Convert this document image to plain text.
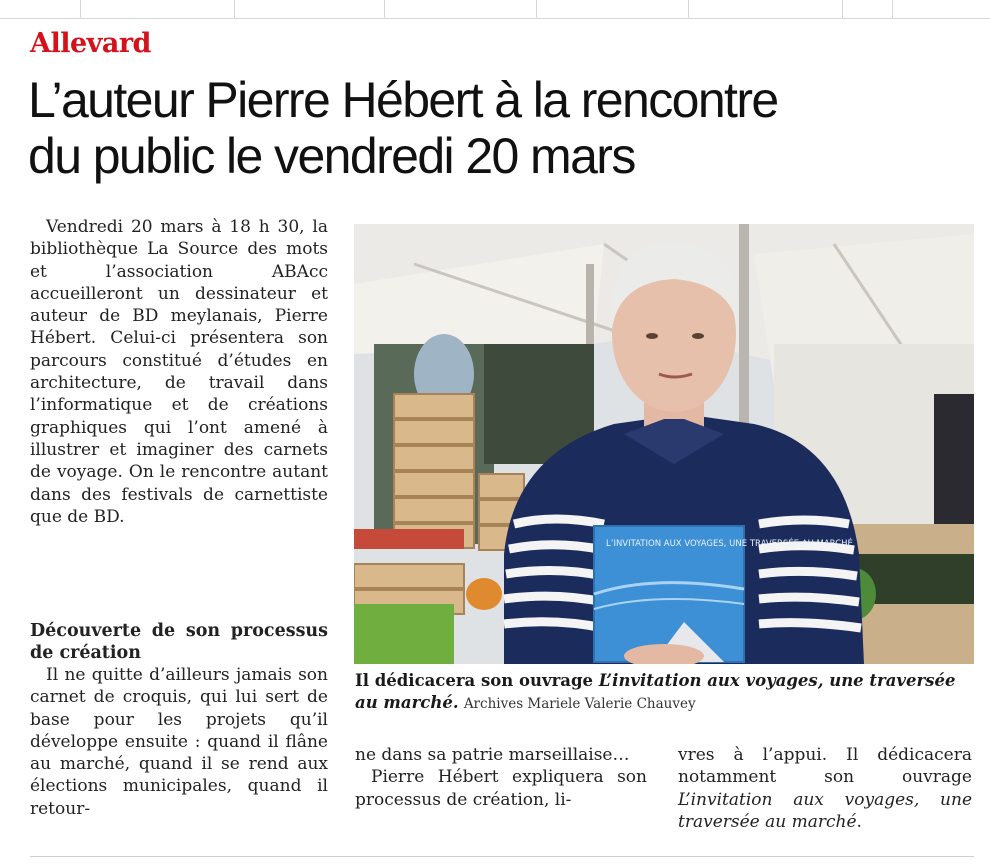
Allevard
L’auteur Pierre Hébert à la rencontre
du public le vendredi 20 mars

Vendredi 20 mars à 18 h 30, la bibliothèque La Source des mots et l’association ABAcc accueilleront un dessinateur et auteur de BD meylanais, Pierre Hébert. Celui-ci présentera son parcours constitué d’études en architecture, de travail dans l’informatique et de créations graphiques qui l’ont amené à illustrer et imaginer des carnets de voyage. On le rencontre autant dans des festivals de carnettiste que de BD.

Découverte de son processus de création

Il ne quitte d’ailleurs jamais son carnet de croquis, qui lui sert de base pour les projets qu’il développe ensuite : quand il flâne au marché, quand il se rend aux élections municipales, quand il retour-

L’INVITATION AUX VOYAGES, UNE TRAVERSÉE AU MARCHÉ
Il dédicacera son ouvrage L’invitation aux voyages, une traversée au marché. Archives Mariele Valerie Chauvey

ne dans sa patrie marseillaise…

Pierre Hébert expliquera son processus de création, li-

vres à l’appui. Il dédicacera notamment son ouvrage L’invitation aux voyages, une traversée au marché.
